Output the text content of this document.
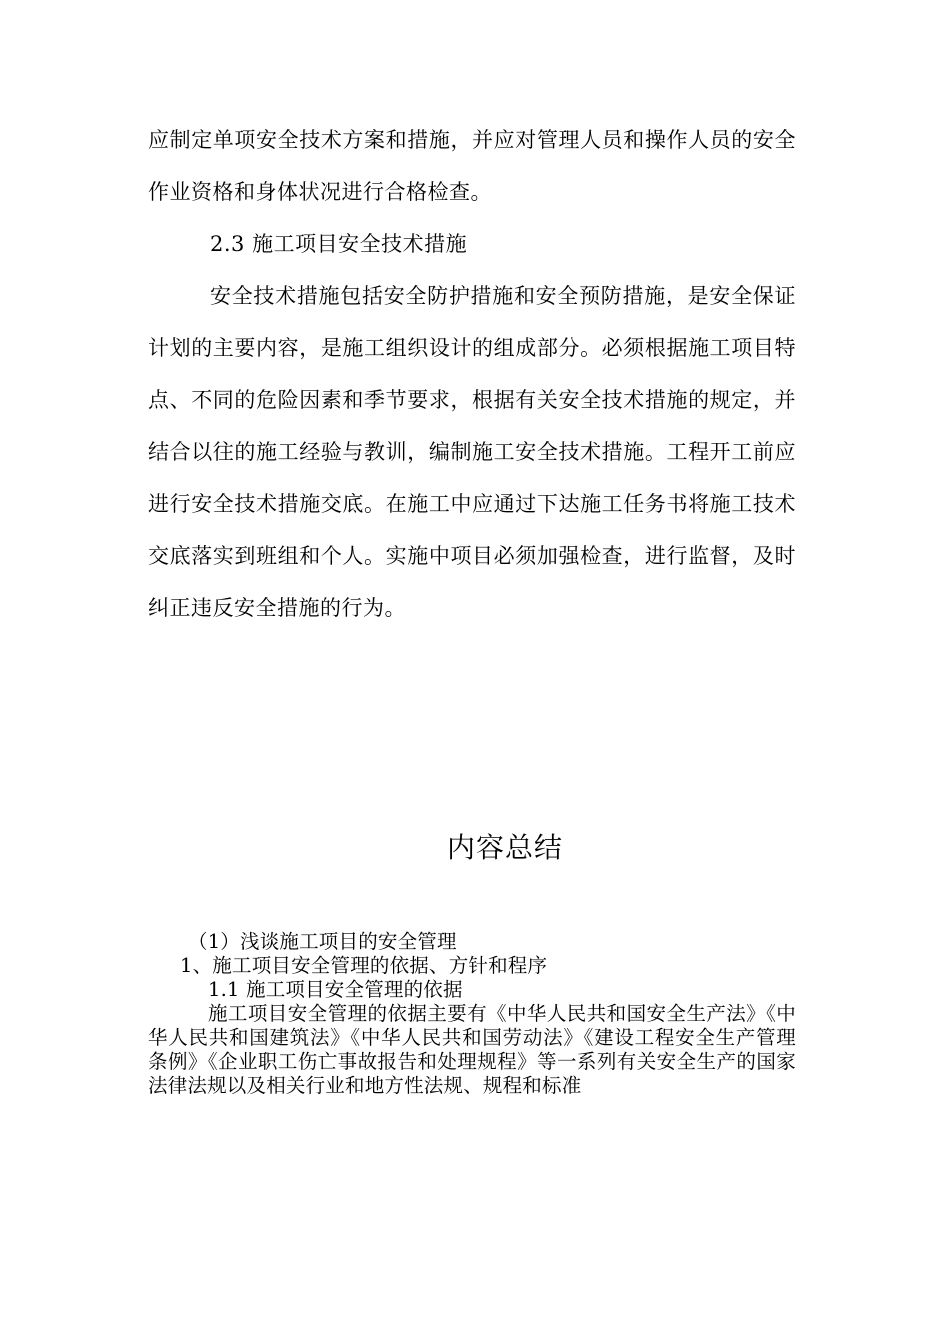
应制定单项安全技术方案和措施，并应对管理人员和操作人员的安全作业资格和身体状况进行合格检查。

2.3 施工项目安全技术措施

安全技术措施包括安全防护措施和安全预防措施，是安全保证计划的主要内容，是施工组织设计的组成部分。必须根据施工项目特点、不同的危险因素和季节要求，根据有关安全技术措施的规定，并结合以往的施工经验与教训，编制施工安全技术措施。工程开工前应进行安全技术措施交底。在施工中应通过下达施工任务书将施工技术交底落实到班组和个人。实施中项目必须加强检查，进行监督，及时纠正违反安全措施的行为。

内容总结

（1）浅谈施工项目的安全管理

1、施工项目安全管理的依据、方针和程序

1.1 施工项目安全管理的依据

施工项目安全管理的依据主要有《中华人民共和国安全生产法》《中华人民共和国建筑法》《中华人民共和国劳动法》《建设工程安全生产管理条例》《企业职工伤亡事故报告和处理规程》等一系列有关安全生产的国家法律法规以及相关行业和地方性法规、规程和标准
